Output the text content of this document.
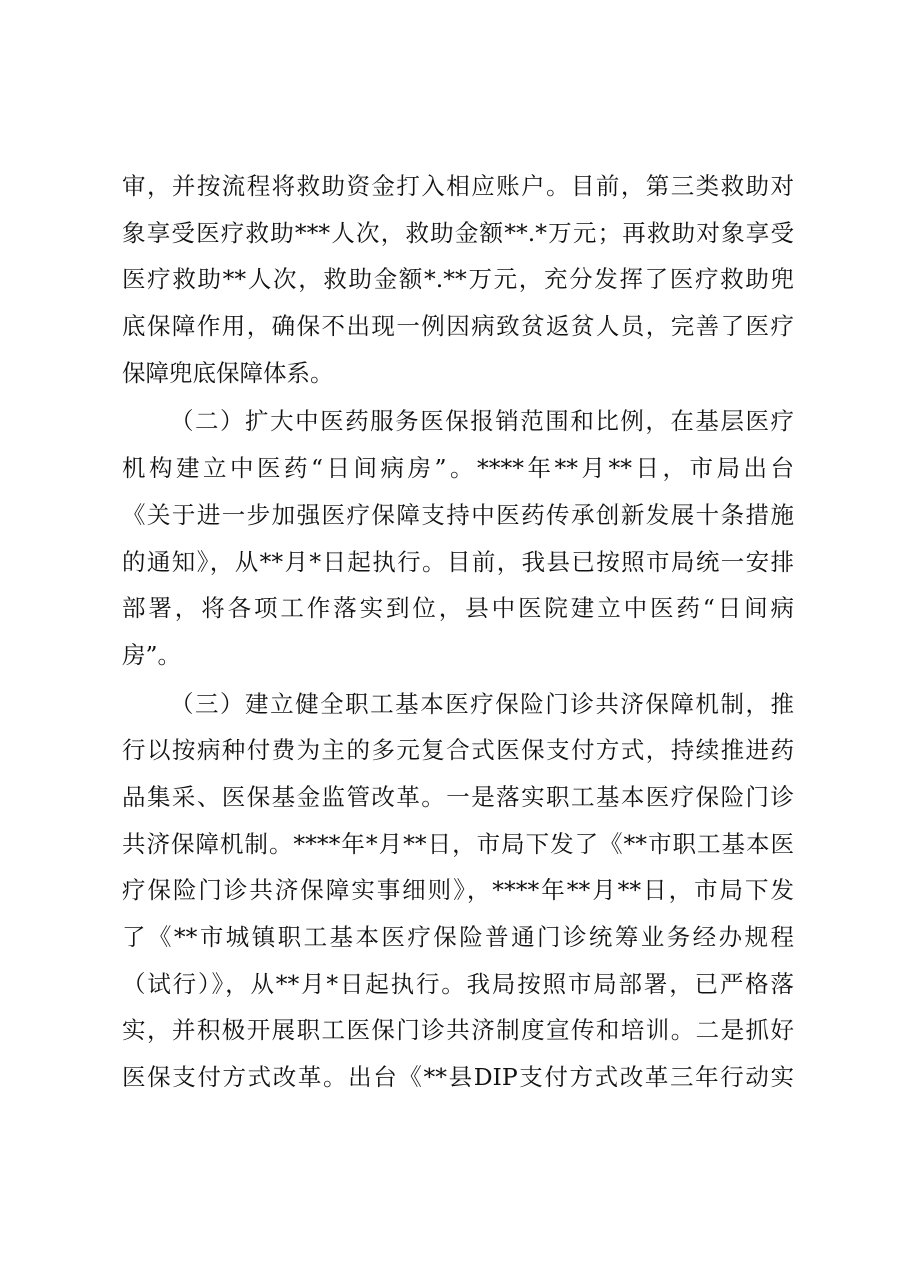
审，并按流程将救助资金打入相应账户。目前，第三类救助对
象享受医疗救助***人次，救助金额**.*万元；再救助对象享受
医疗救助**人次，救助金额*.**万元，充分发挥了医疗救助兜
底保障作用，确保不出现一例因病致贫返贫人员，完善了医疗
保障兜底保障体系。
（二）扩大中医药服务医保报销范围和比例，在基层医疗
机构建立中医药“日间病房”。****年**月**日，市局出台
《关于进一步加强医疗保障支持中医药传承创新发展十条措施
的通知》，从**月*日起执行。目前，我县已按照市局统一安排
部署，将各项工作落实到位，县中医院建立中医药“日间病
房”。
（三）建立健全职工基本医疗保险门诊共济保障机制，推
行以按病种付费为主的多元复合式医保支付方式，持续推进药
品集采、医保基金监管改革。一是落实职工基本医疗保险门诊
共济保障机制。****年*月**日，市局下发了《**市职工基本医
疗保险门诊共济保障实事细则》，****年**月**日，市局下发
了《**市城镇职工基本医疗保险普通门诊统筹业务经办规程
（试行）》，从**月*日起执行。我局按照市局部署，已严格落
实，并积极开展职工医保门诊共济制度宣传和培训。二是抓好
医保支付方式改革。出台《**县DIP支付方式改革三年行动实
